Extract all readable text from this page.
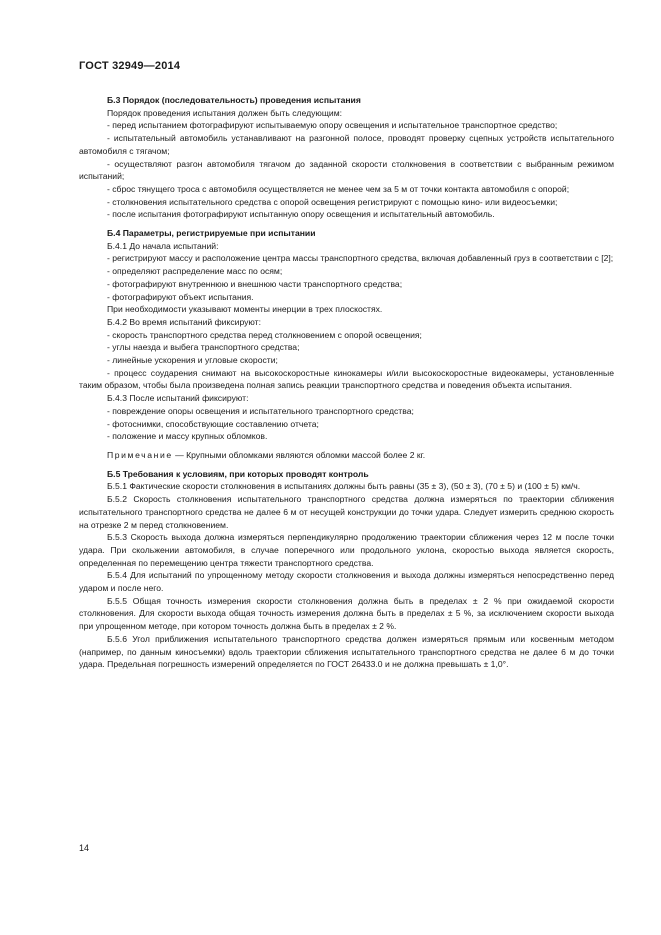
ГОСТ 32949—2014

Б.3 Порядок (последовательность) проведения испытания

Порядок проведения испытания должен быть следующим:

- перед испытанием фотографируют испытываемую опору освещения и испытательное транспортное средство;

- испытательный автомобиль устанавливают на разгонной полосе, проводят проверку сцепных устройств испытательного автомобиля с тягачом;

- осуществляют разгон автомобиля тягачом до заданной скорости столкновения в соответствии с выбранным режимом испытаний;

- сброс тянущего троса с автомобиля осуществляется не менее чем за 5 м от точки контакта автомобиля с опорой;

- столкновения испытательного средства с опорой освещения регистрируют с помощью кино- или видеосъемки;

- после испытания фотографируют испытанную опору освещения и испытательный автомобиль.

Б.4 Параметры, регистрируемые при испытании

Б.4.1 До начала испытаний:

- регистрируют массу и расположение центра массы транспортного средства, включая добавленный груз в соответствии с [2];

- определяют распределение масс по осям;

- фотографируют внутреннюю и внешнюю части транспортного средства;

- фотографируют объект испытания.

При необходимости указывают моменты инерции в трех плоскостях.

Б.4.2 Во время испытаний фиксируют:

- скорость транспортного средства перед столкновением с опорой освещения;

- углы наезда и выбега транспортного средства;

- линейные ускорения и угловые скорости;

- процесс соударения снимают на высокоскоростные кинокамеры и/или высокоскоростные видеокамеры, установленные таким образом, чтобы была произведена полная запись реакции транспортного средства и поведения объекта испытания.

Б.4.3 После испытаний фиксируют:

- повреждение опоры освещения и испытательного транспортного средства;

- фотоснимки, способствующие составлению отчета;

- положение и массу крупных обломков.

Примечание — Крупными обломками являются обломки массой более 2 кг.

Б.5 Требования к условиям, при которых проводят контроль

Б.5.1 Фактические скорости столкновения в испытаниях должны быть равны (35 ± 3), (50 ± 3), (70 ± 5) и (100 ± 5) км/ч.

Б.5.2 Скорость столкновения испытательного транспортного средства должна измеряться по траектории сближения испытательного транспортного средства не далее 6 м от несущей конструкции до точки удара. Следует измерить среднюю скорость на отрезке 2 м перед столкновением.

Б.5.3 Скорость выхода должна измеряться перпендикулярно продолжению траектории сближения через 12 м после точки удара. При скольжении автомобиля, в случае поперечного или продольного уклона, скоростью выхода является скорость, определенная по перемещению центра тяжести транспортного средства.

Б.5.4 Для испытаний по упрощенному методу скорости столкновения и выхода должны измеряться непосредственно перед ударом и после него.

Б.5.5 Общая точность измерения скорости столкновения должна быть в пределах ± 2 % при ожидаемой скорости столкновения. Для скорости выхода общая точность измерения должна быть в пределах ± 5 %, за исключением скорости выхода при упрощенном методе, при котором точность должна быть в пределах ± 2 %.

Б.5.6 Угол приближения испытательного транспортного средства должен измеряться прямым или косвенным методом (например, по данным киносъемки) вдоль траектории сближения испытательного транспортного средства не далее 6 м до точки удара. Предельная погрешность измерений определяется по ГОСТ 26433.0 и не должна превышать ± 1,0°.

14
